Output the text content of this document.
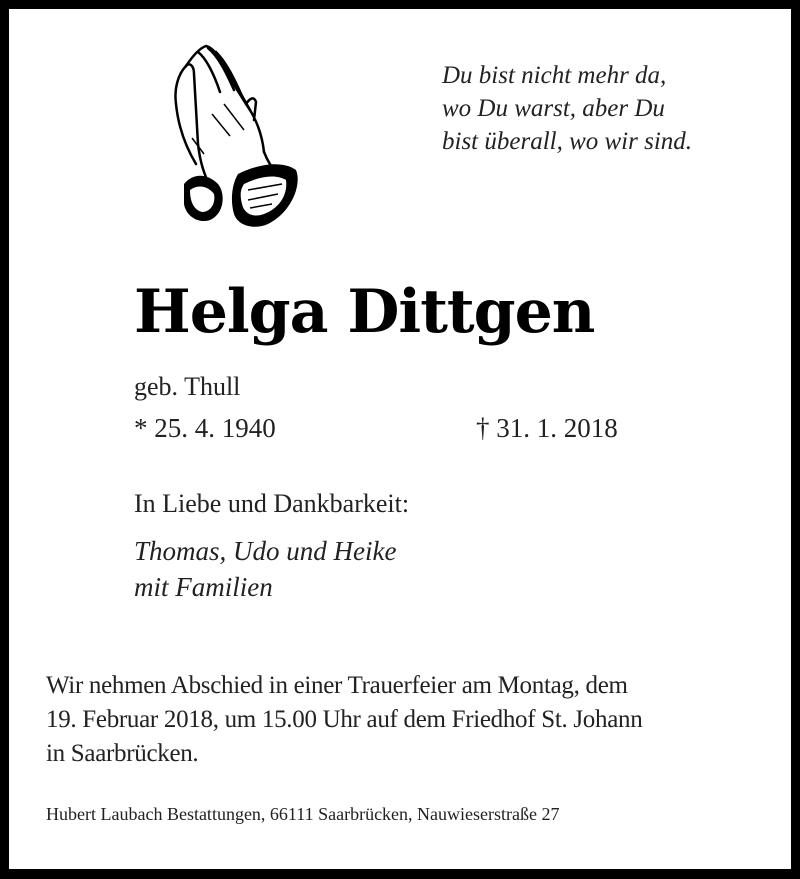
Du bist nicht mehr da,
wo Du warst, aber Du
bist überall, wo wir sind.
Helga Dittgen
geb. Thull
* 25. 4. 1940	† 31. 1. 2018
In Liebe und Dankbarkeit:
Thomas, Udo und Heike
mit Familien
Wir nehmen Abschied in einer Trauerfeier am Montag, dem
19. Februar 2018, um 15.00 Uhr auf dem Friedhof St. Johann
in Saarbrücken.
Hubert Laubach Bestattungen, 66111 Saarbrücken, Nauwieserstraße 27
